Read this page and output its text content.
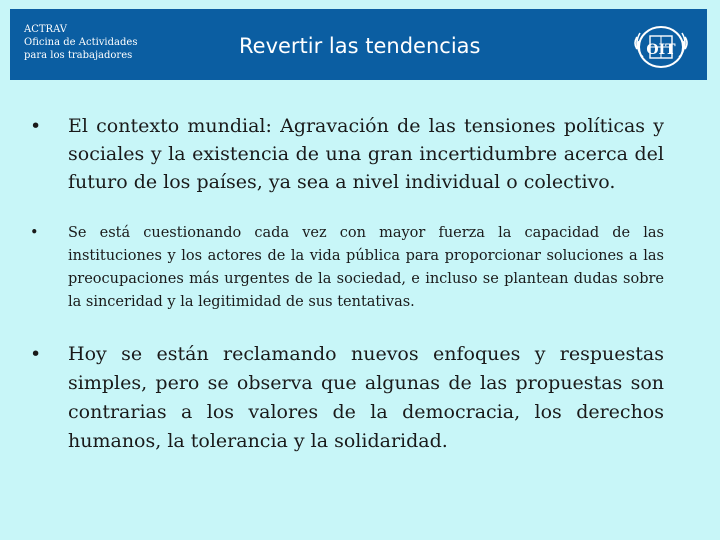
ACTRAV
Oficina de Actividades
para los trabajadores	Revertir las tendencias	OIT
• El contexto mundial: Agravación de las tensiones políticas y sociales y la existencia de una gran incertidumbre acerca del futuro de los países, ya sea a nivel individual o colectivo.
• Se está cuestionando cada vez con mayor fuerza la capacidad de las instituciones y los actores de la vida pública para proporcionar soluciones a las preocupaciones más urgentes de la sociedad, e incluso se plantean dudas sobre la sinceridad y la legitimidad de sus tentativas.
• Hoy se están reclamando nuevos enfoques y respuestas simples, pero se observa que algunas de las propuestas son contrarias a los valores de la democracia, los derechos humanos, la tolerancia y la solidaridad.
